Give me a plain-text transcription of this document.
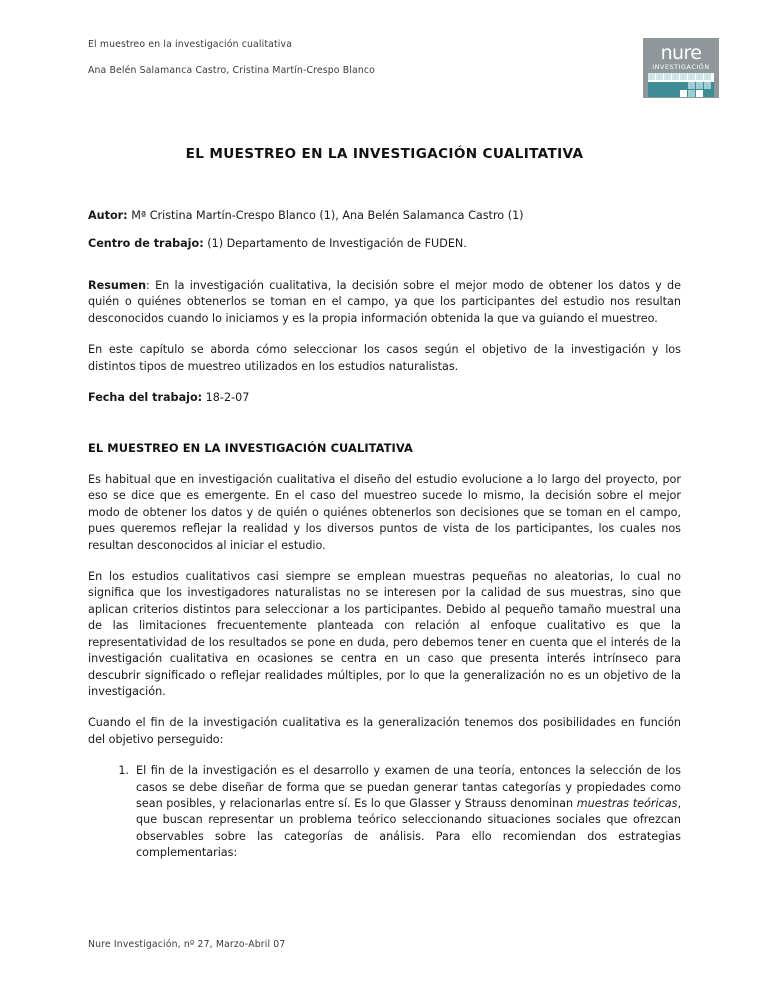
El muestreo en la investigación cualitativa
Ana Belén Salamanca Castro, Cristina Martín-Crespo Blanco
nure
INVESTIGACIÓN
EL MUESTREO EN LA INVESTIGACIÓN CUALITATIVA
Autor: Mª Cristina Martín-Crespo Blanco (1), Ana Belén Salamanca Castro (1)
Centro de trabajo: (1) Departamento de Investigación de FUDEN.

Resumen: En la investigación cualitativa, la decisión sobre el mejor modo de obtener los datos y de quién o quiénes obtenerlos se toman en el campo, ya que los participantes del estudio nos resultan desconocidos cuando lo iniciamos y es la propia información obtenida la que va guiando el muestreo.

En este capítulo se aborda cómo seleccionar los casos según el objetivo de la investigación y los distintos tipos de muestreo utilizados en los estudios naturalistas.

Fecha del trabajo: 18-2-07
EL MUESTREO EN LA INVESTIGACIÓN CUALITATIVA

Es habitual que en investigación cualitativa el diseño del estudio evolucione a lo largo del proyecto, por eso se dice que es emergente. En el caso del muestreo sucede lo mismo, la decisión sobre el mejor modo de obtener los datos y de quién o quiénes obtenerlos son decisiones que se toman en el campo, pues queremos reflejar la realidad y los diversos puntos de vista de los participantes, los cuales nos resultan desconocidos al iniciar el estudio.

En los estudios cualitativos casi siempre se emplean muestras pequeñas no aleatorias, lo cual no significa que los investigadores naturalistas no se interesen por la calidad de sus muestras, sino que aplican criterios distintos para seleccionar a los participantes. Debido al pequeño tamaño muestral una de las limitaciones frecuentemente planteada con relación al enfoque cualitativo es que la representatividad de los resultados se pone en duda, pero debemos tener en cuenta que el interés de la investigación cualitativa en ocasiones se centra en un caso que presenta interés intrínseco para descubrir significado o reflejar realidades múltiples, por lo que la generalización no es un objetivo de la investigación.

Cuando el fin de la investigación cualitativa es la generalización tenemos dos posibilidades en función del objetivo perseguido:

1. El fin de la investigación es el desarrollo y examen de una teoría, entonces la selección de los casos se debe diseñar de forma que se puedan generar tantas categorías y propiedades como sean posibles, y relacionarlas entre sí. Es lo que Glasser y Strauss denominan muestras teóricas, que buscan representar un problema teórico seleccionando situaciones sociales que ofrezcan observables sobre las categorías de análisis. Para ello recomiendan dos estrategias complementarias:
Nure Investigación, nº 27, Marzo-Abril 07
